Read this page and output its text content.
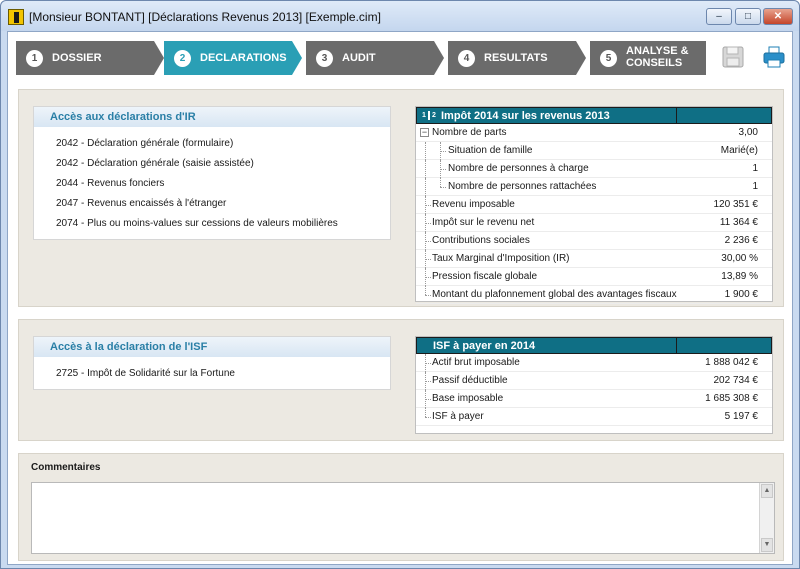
[Monsieur BONTANT] [Déclarations Revenus 2013] [Exemple.cim]	‒	□	✕
1	DOSSIER	2	DECLARATIONS	3	AUDIT	4	RESULTATS	5
ANALYSE & CONSEILS
Accès aux déclarations d'IR
2042 - Déclaration générale (formulaire)
2042 - Déclaration générale (saisie assistée)
2044 - Revenus fonciers
2047 - Revenus encaissés à l'étranger
2074 - Plus ou moins-values sur cessions de valeurs mobilières
1 2 Impôt 2014 sur les revenus 2013
− Nombre de parts	3,00
Situation de famille	Marié(e)
Nombre de personnes à charge	1
Nombre de personnes rattachées	1
Revenu imposable	120 351 €
Impôt sur le revenu net	11 364 €
Contributions sociales	2 236 €
Taux Marginal d'Imposition (IR)	30,00 %
Pression fiscale globale	13,89 %
Montant du plafonnement global des avantages fiscaux	1 900 €
Accès à la déclaration de l'ISF
2725 - Impôt de Solidarité sur la Fortune
ISF à payer en 2014
Actif brut imposable	1 888 042 €
Passif déductible	202 734 €
Base imposable	1 685 308 €
ISF à payer	5 197 €
Commentaires
▲
▼
